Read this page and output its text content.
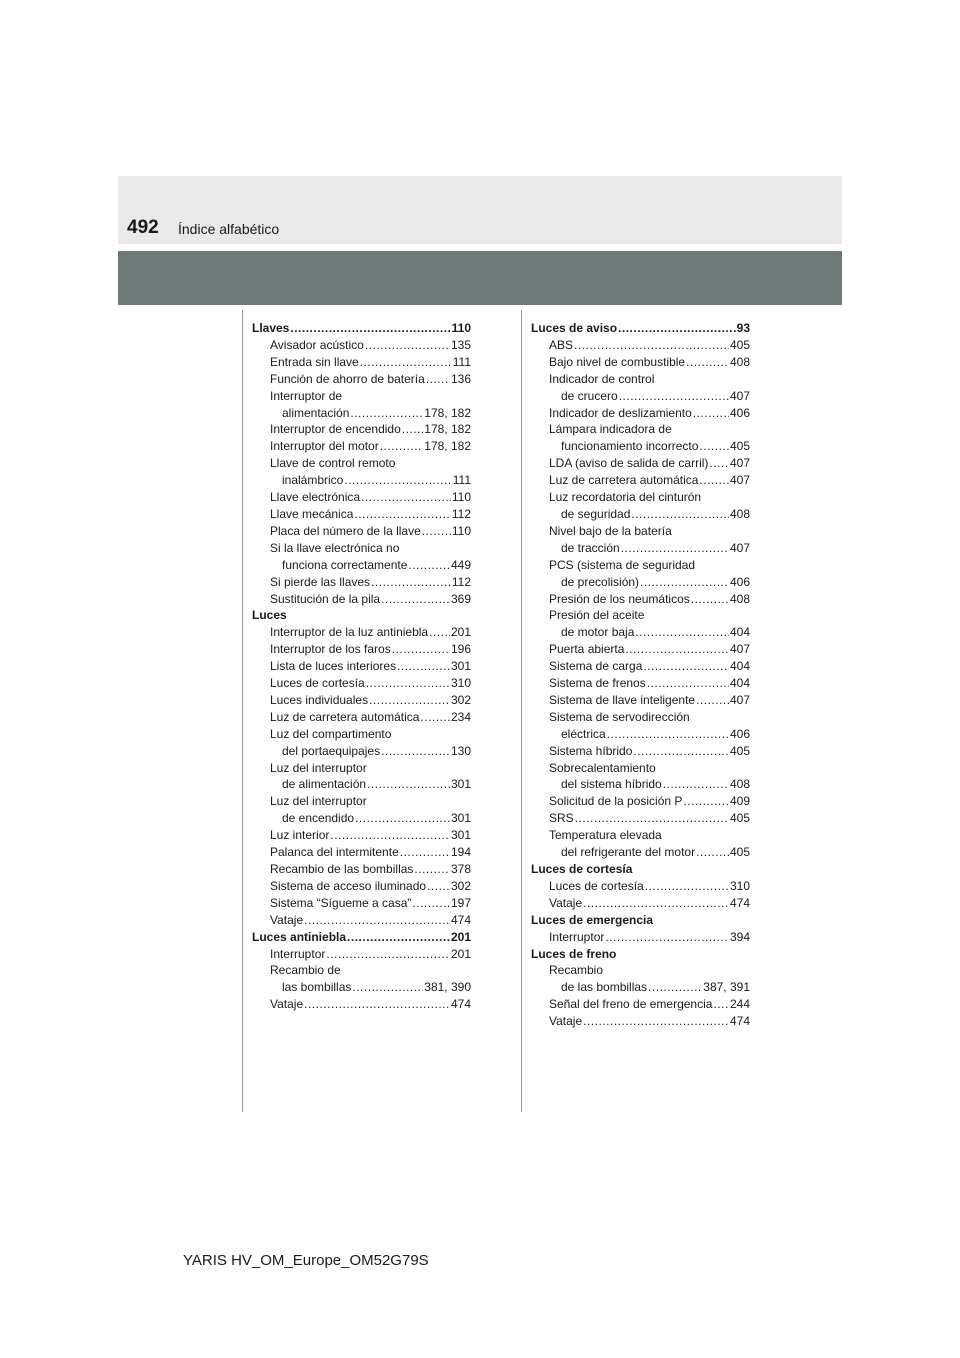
492 Índice alfabético
Llaves .....	110
Avisador acústico .....	135
Entrada sin llave .....	111
Función de ahorro de batería ..... 136
Interruptor de
alimentación .....	178, 182
Interruptor de encendido ..... 178, 182
Interruptor del motor .....	178, 182
Llave de control remoto
inalámbrico .....	111
Llave electrónica .....	110
Llave mecánica .....	112
Placa del número de la llave .....	110
Si la llave electrónica no
funciona correctamente .....	449
Si pierde las llaves .....	112
Sustitución de la pila .....	369
Luces
Interruptor de la luz antiniebla ..... 201
Interruptor de los faros .....	196
Lista de luces interiores .....	301
Luces de cortesía .....	310
Luces individuales .....	302
Luz de carretera automática .....	234
Luz del compartimento
del portaequipajes .....	130
Luz del interruptor
de alimentación .....	301
Luz del interruptor
de encendido .....	301
Luz interior .....	301
Palanca del intermitente .....	194
Recambio de las bombillas .....	378
Sistema de acceso iluminado ..... 302
Sistema “Sígueme a casa” .....	197
Vataje .....	474
Luces antiniebla .....	201
Interruptor .....	201
Recambio de
las bombillas .....	381, 390
Vataje .....	474
Luces de aviso .....	93
ABS .....	405
Bajo nivel de combustible .....	408
Indicador de control
de crucero .....	407
Indicador de deslizamiento .....	406
Lámpara indicadora de
funcionamiento incorrecto .....	405
LDA (aviso de salida de carril) ..... 407
Luz de carretera automática .....	407
Luz recordatoria del cinturón
de seguridad .....	408
Nivel bajo de la batería
de tracción .....	407
PCS (sistema de seguridad
de precolisión) .....	406
Presión de los neumáticos .....	408
Presión del aceite
de motor baja .....	404
Puerta abierta .....	407
Sistema de carga .....	404
Sistema de frenos .....	404
Sistema de llave inteligente .....	407
Sistema de servodirección
eléctrica .....	406
Sistema híbrido .....	405
Sobrecalentamiento
del sistema híbrido .....	408
Solicitud de la posición P .....	409
SRS .....	405
Temperatura elevada
del refrigerante del motor .....	405
Luces de cortesía
Luces de cortesía .....	310
Vataje .....	474
Luces de emergencia
Interruptor .....	394
Luces de freno
Recambio
de las bombillas .....	387, 391
Señal del freno de emergencia ..... 244
Vataje .....	474
YARIS HV_OM_Europe_OM52G79S
